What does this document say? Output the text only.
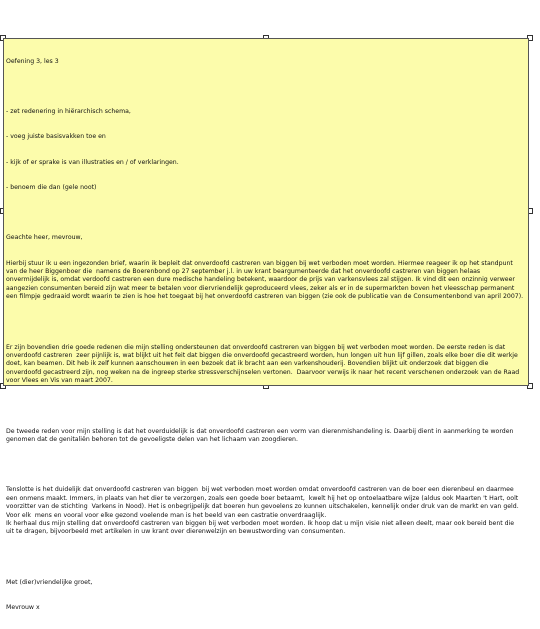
Oefening 3, les 3

- zet redenering in hiërarchisch schema,

- voeg juiste basisvakken toe en

- kijk of er sprake is van illustraties en / of verklaringen.

- benoem die dan (gele noot)

Geachte heer, mevrouw,

Hierbij stuur ik u een ingezonden brief, waarin ik bepleit dat onverdoofd castreren van biggen bij wet verboden moet worden. Hiermee reageer ik op het standpunt van de heer Biggenboer die  namens de Boerenbond op 27 september j.l. in uw krant beargumenteerde dat het onverdoofd castreren van biggen helaas onvermijdelijk is, omdat verdoofd castreren een dure medische handeling betekent, waardoor de prijs van varkensvlees zal stijgen. Ik vind dit een onzinnig verweer aangezien consumenten bereid zijn wat meer te betalen voor diervriendelijk geproduceerd vlees, zeker als er in de supermarkten boven het vleesschap permanent een filmpje gedraaid wordt waarin te zien is hoe het toegaat bij het onverdoofd castreren van biggen (zie ook de publicatie van de Consumentenbond van april 2007).

Er zijn bovendien drie goede redenen die mijn stelling ondersteunen dat onverdoofd castreren van biggen bij wet verboden moet worden. De eerste reden is dat onverdoofd castreren  zeer pijnlijk is, wat blijkt uit het feit dat biggen die onverdoofd gecastreerd worden, hun longen uit hun lijf gillen, zoals elke boer die dit werkje doet, kan beamen. Dit heb ik zelf kunnen aanschouwen in een bezoek dat ik bracht aan een varkenshouderij. Bovendien blijkt uit onderzoek dat biggen die onverdoofd gecastreerd zijn, nog weken na de ingreep sterke stressverschijnselen vertonen.  Daarvoor verwijs ik naar het recent verschenen onderzoek van de Raad voor Vlees en Vis van maart 2007.

De tweede reden voor mijn stelling is dat het overduidelijk is dat onverdoofd castreren een vorm van dierenmishandeling is. Daarbij dient in aanmerking te worden genomen dat de genitaliën behoren tot de gevoeligste delen van het lichaam van zoogdieren.

Tenslotte is het duidelijk dat onverdoofd castreren van biggen  bij wet verboden moet worden omdat onverdoofd castreren van de boer een dierenbeul en daarmee een onmens maakt. Immers, in plaats van het dier te verzorgen, zoals een goede boer betaamt,  kwelt hij het op ontoelaatbare wijze (aldus ook Maarten 't Hart, oolt voorzitter van de stichting  Varkens in Nood). Het is onbegrijpelijk dat boeren hun gevoelens zo kunnen uitschakelen, kennelijk onder druk van de markt en van geld. Voor elk  mens en vooral voor elke gezond voelende man is het beeld van een castratie onverdraaglijk.
Ik herhaal dus mijn stelling dat onverdoofd castreren van biggen bij wet verboden moet worden. Ik hoop dat u mijn visie niet alleen deelt, maar ook bereid bent die uit te dragen, bijvoorbeeld met artikelen in uw krant over dierenwelzijn en bewustwording van consumenten.

Met (dier)vriendelijke groet,

Mevrouw x
